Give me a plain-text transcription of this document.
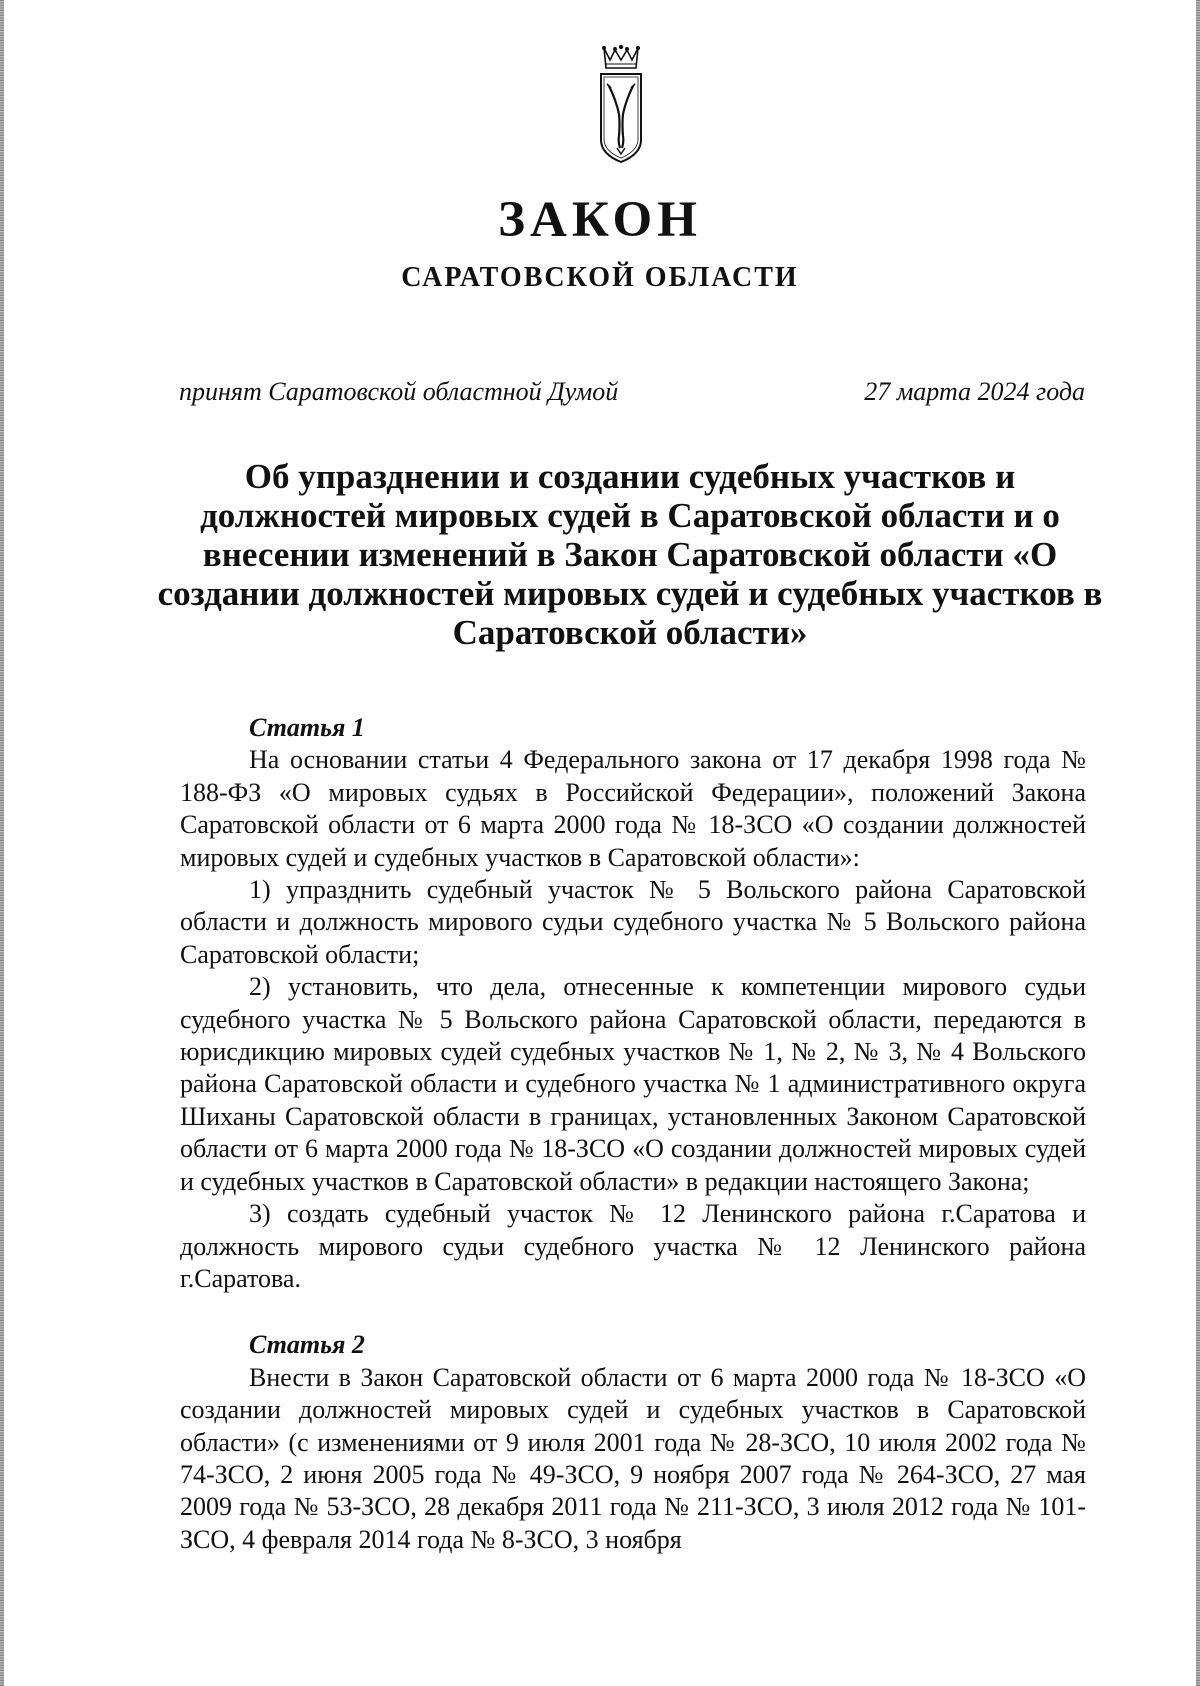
ЗАКОН
САРАТОВСКОЙ ОБЛАСТИ
принят Саратовской областной Думой	27 марта 2024 года
Об упразднении и создании судебных участков и должностей мировых судей в Саратовской области и о внесении изменений в Закон Саратовской области «О создании должностей мировых судей и судебных участков в Саратовской области»
Статья 1

На основании статьи 4 Федерального закона от 17 декабря 1998 года № 188-ФЗ «О мировых судьях в Российской Федерации», положений Закона Саратовской области от 6 марта 2000 года № 18-ЗСО «О создании должностей мировых судей и судебных участков в Саратовской области»:

1) упразднить судебный участок № 5 Вольского района Саратовской области и должность мирового судьи судебного участка № 5 Вольского района Саратовской области;

2) установить, что дела, отнесенные к компетенции мирового судьи судебного участка № 5 Вольского района Саратовской области, передаются в юрисдикцию мировых судей судебных участков № 1, № 2, № 3, № 4 Вольского района Саратовской области и судебного участка № 1 административного округа Шиханы Саратовской области в границах, установленных Законом Саратовской области от 6 марта 2000 года № 18-ЗСО «О создании должностей мировых судей и судебных участков в Саратовской области» в редакции настоящего Закона;

3) создать судебный участок № 12 Ленинского района г.Саратова и должность мирового судьи судебного участка № 12 Ленинского района г.Саратова.

Статья 2

Внести в Закон Саратовской области от 6 марта 2000 года № 18-ЗСО «О создании должностей мировых судей и судебных участков в Саратовской области» (с изменениями от 9 июля 2001 года № 28-ЗСО, 10 июля 2002 года № 74-ЗСО, 2 июня 2005 года № 49-ЗСО, 9 ноября 2007 года № 264-ЗСО, 27 мая 2009 года № 53-ЗСО, 28 декабря 2011 года № 211-ЗСО, 3 июля 2012 года № 101-ЗСО, 4 февраля 2014 года № 8-ЗСО, 3 ноября
